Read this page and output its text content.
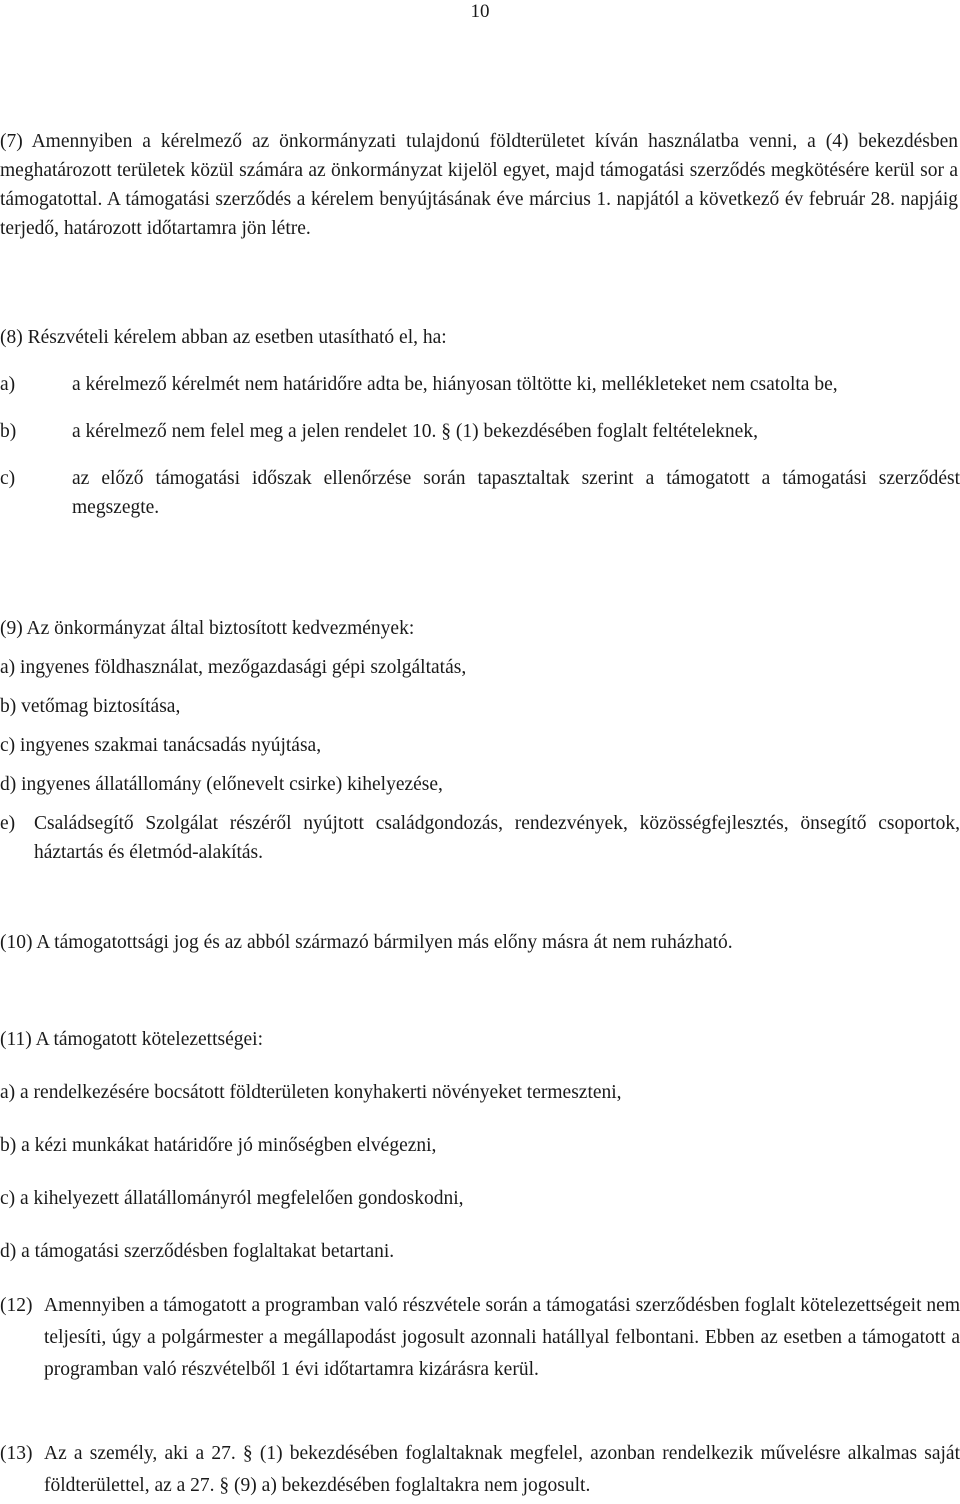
10

(7) Amennyiben a kérelmező az önkormányzati tulajdonú földterületet kíván használatba venni, a (4) bekezdésben meghatározott területek közül számára az önkormányzat kijelöl egyet, majd támogatási szerződés megkötésére kerül sor a támogatottal. A támogatási szerződés a kérelem benyújtásának éve március 1. napjától a következő év február 28. napjáig terjedő, határozott időtartamra jön létre.

(8) Részvételi kérelem abban az esetben utasítható el, ha:

a)	a kérelmező kérelmét nem határidőre adta be, hiányosan töltötte ki, mellékleteket nem csatolta be,
b)	a kérelmező nem felel meg a jelen rendelet 10. § (1) bekezdésében foglalt feltételeknek,
c)	az előző támogatási időszak ellenőrzése során tapasztaltak szerint a támogatott a támogatási szerződést megszegte.

(9) Az önkormányzat által biztosított kedvezmények:

a) ingyenes földhasználat, mezőgazdasági gépi szolgáltatás,

b) vetőmag biztosítása,

c) ingyenes szakmai tanácsadás nyújtása,

d) ingyenes állatállomány (előnevelt csirke) kihelyezése,

e) Családsegítő Szolgálat részéről nyújtott családgondozás, rendezvények, közösségfejlesztés, önsegítő csoportok, háztartás és életmód-alakítás.

(10) A támogatottsági jog és az abból származó bármilyen más előny másra át nem ruházható.

(11) A támogatott kötelezettségei:

a) a rendelkezésére bocsátott földterületen konyhakerti növényeket termeszteni,

b) a kézi munkákat határidőre jó minőségben elvégezni,

c) a kihelyezett állatállományról megfelelően gondoskodni,

d) a támogatási szerződésben foglaltakat betartani.

(12) Amennyiben a támogatott a programban való részvétele során a támogatási szerződésben foglalt kötelezettségeit nem teljesíti, úgy a polgármester a megállapodást jogosult azonnali hatállyal felbontani. Ebben az esetben a támogatott a programban való részvételből 1 évi időtartamra kizárásra kerül.
(13) Az a személy, aki a 27. § (1) bekezdésében foglaltaknak megfelel, azonban rendelkezik művelésre alkalmas saját földterülettel, az a 27. § (9) a) bekezdésében foglaltakra nem jogosult.
